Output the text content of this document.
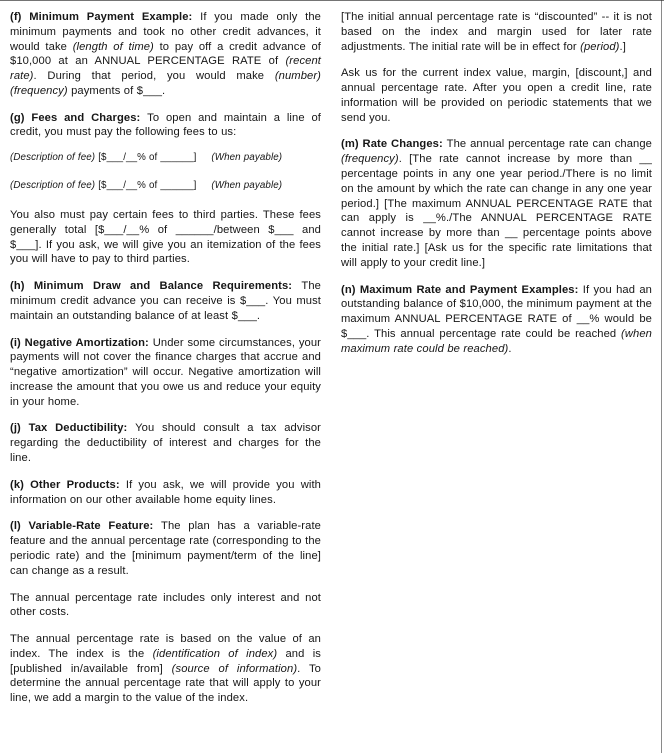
(f) Minimum Payment Example: If you made only the minimum payments and took no other credit advances, it would take (length of time) to pay off a credit advance of $10,000 at an ANNUAL PERCENTAGE RATE of (recent rate). During that period, you would make (number) (frequency) payments of $___.

(g) Fees and Charges: To open and maintain a line of credit, you must pay the following fees to us:

(Description of fee) [$___/__% of ______]  (When payable)

(Description of fee) [$___/__% of ______]  (When payable)

You also must pay certain fees to third parties. These fees generally total [$___/__% of ______/between $___ and $___]. If you ask, we will give you an itemization of the fees you will have to pay to third parties.

(h) Minimum Draw and Balance Requirements: The minimum credit advance you can receive is $___. You must maintain an outstanding balance of at least $___.

(i) Negative Amortization: Under some circumstances, your payments will not cover the finance charges that accrue and “negative amortization” will occur. Negative amortization will increase the amount that you owe us and reduce your equity in your home.

(j) Tax Deductibility: You should consult a tax advisor regarding the deductibility of interest and charges for the line.

(k) Other Products: If you ask, we will provide you with information on our other available home equity lines.

(l) Variable-Rate Feature: The plan has a variable-rate feature and the annual percentage rate (corresponding to the periodic rate) and the [minimum payment/term of the line] can change as a result.

The annual percentage rate includes only interest and not other costs.

The annual percentage rate is based on the value of an index. The index is the (identification of index) and is [published in/available from] (source of information). To determine the annual percentage rate that will apply to your line, we add a margin to the value of the index.

[The initial annual percentage rate is “discounted” -- it is not based on the index and margin used for later rate adjustments. The initial rate will be in effect for (period).]

Ask us for the current index value, margin, [discount,] and annual percentage rate. After you open a credit line, rate information will be provided on periodic statements that we send you.

(m) Rate Changes: The annual percentage rate can change (frequency). [The rate cannot increase by more than __ percentage points in any one year period./There is no limit on the amount by which the rate can change in any one year period.] [The maximum ANNUAL PERCENTAGE RATE that can apply is __%./The ANNUAL PERCENTAGE RATE cannot increase by more than __ percentage points above the initial rate.] [Ask us for the specific rate limitations that will apply to your credit line.]

(n) Maximum Rate and Payment Examples: If you had an outstanding balance of $10,000, the minimum payment at the maximum ANNUAL PERCENTAGE RATE of __% would be $___. This annual percentage rate could be reached (when maximum rate could be reached).
